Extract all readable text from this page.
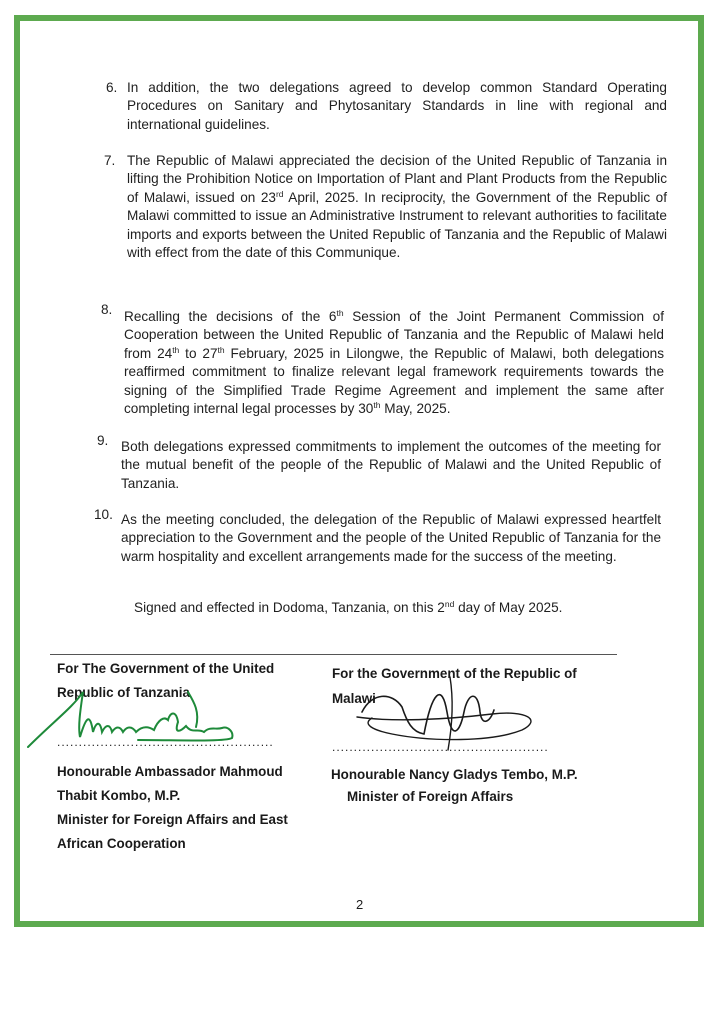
6. In addition, the two delegations agreed to develop common Standard Operating Procedures on Sanitary and Phytosanitary Standards in line with regional and international guidelines.
7. The Republic of Malawi appreciated the decision of the United Republic of Tanzania in lifting the Prohibition Notice on Importation of Plant and Plant Products from the Republic of Malawi, issued on 23rd April, 2025. In reciprocity, the Government of the Republic of Malawi committed to issue an Administrative Instrument to relevant authorities to facilitate imports and exports between the United Republic of Tanzania and the Republic of Malawi with effect from the date of this Communique.
8. Recalling the decisions of the 6th Session of the Joint Permanent Commission of Cooperation between the United Republic of Tanzania and the Republic of Malawi held from 24th to 27th February, 2025 in Lilongwe, the Republic of Malawi, both delegations reaffirmed commitment to finalize relevant legal framework requirements towards the signing of the Simplified Trade Regime Agreement and implement the same after completing internal legal processes by 30th May, 2025.
9. Both delegations expressed commitments to implement the outcomes of the meeting for the mutual benefit of the people of the Republic of Malawi and the United Republic of Tanzania.
10. As the meeting concluded, the delegation of the Republic of Malawi expressed heartfelt appreciation to the Government and the people of the United Republic of Tanzania for the warm hospitality and excellent arrangements made for the success of the meeting.
Signed and effected in Dodoma, Tanzania, on this 2nd day of May 2025.
For The Government of the United
Republic of Tanzania
..................................................
Honourable Ambassador Mahmoud
Thabit Kombo, M.P.
Minister for Foreign Affairs and East
African Cooperation
For the Government of the Republic of
Malawi
..................................................
Honourable Nancy Gladys Tembo, M.P.
Minister of Foreign Affairs
2
